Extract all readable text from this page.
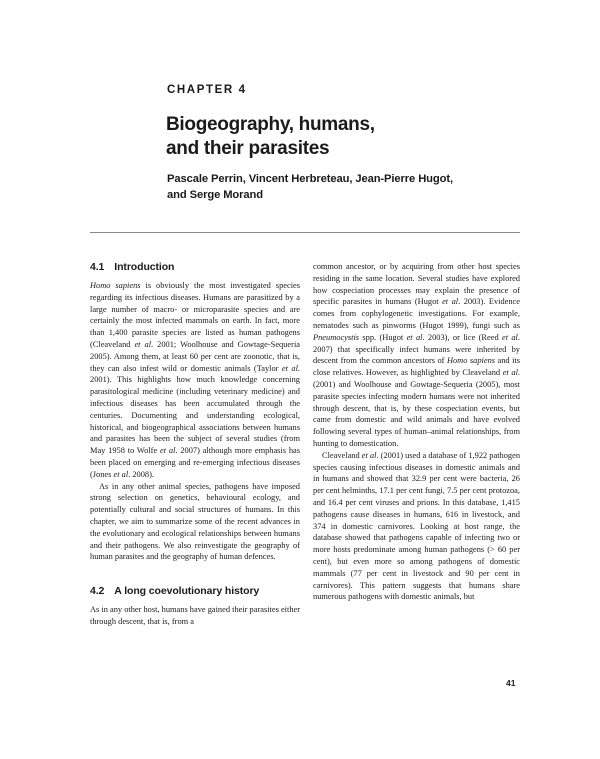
CHAPTER 4
Biogeography, humans,
and their parasites
Pascale Perrin, Vincent Herbreteau, Jean-Pierre Hugot,
and Serge Morand
4.1 Introduction

Homo sapiens is obviously the most investigated species regarding its infectious diseases. Humans are parasitized by a large number of macro- or microparasite species and are certainly the most infected mammals on earth. In fact, more than 1,400 parasite species are listed as human pathogens (Cleaveland et al. 2001; Woolhouse and Gowtage-Sequeria 2005). Among them, at least 60 per cent are zoonotic, that is, they can also infest wild or domestic animals (Taylor et al. 2001). This highlights how much knowledge concerning parasitological medicine (including veterinary medicine) and infectious diseases has been accumulated through the centuries. Documenting and understanding ecological, historical, and biogeographical associations between humans and parasites has been the subject of several studies (from May 1958 to Wolfe et al. 2007) although more emphasis has been placed on emerging and re-emerging infectious diseases (Jones et al. 2008).

As in any other animal species, pathogens have imposed strong selection on genetics, behavioural ecology, and potentially cultural and social structures of humans. In this chapter, we aim to summarize some of the recent advances in the evolutionary and ecological relationships between humans and their pathogens. We also reinvestigate the geography of human parasites and the geography of human defences.

4.2 A long coevolutionary history

As in any other host, humans have gained their parasites either through descent, that is, from a

common ancestor, or by acquiring from other host species residing in the same location. Several studies have explored how cospeciation processes may explain the presence of specific parasites in humans (Hugot et al. 2003). Evidence comes from cophylogenetic investigations. For example, nematodes such as pinworms (Hugot 1999), fungi such as Pneumocystis spp. (Hugot et al. 2003), or lice (Reed et al. 2007) that specifically infect humans were inherited by descent from the common ancestors of Homo sapiens and its close relatives. However, as highlighted by Cleaveland et al. (2001) and Woolhouse and Gowtage-Sequeria (2005), most parasite species infecting modern humans were not inherited through descent, that is, by these cospeciation events, but came from domestic and wild animals and have evolved following several types of human–animal relationships, from hunting to domestication.

Cleaveland et al. (2001) used a database of 1,922 pathogen species causing infectious diseases in domestic animals and in humans and showed that 32.9 per cent were bacteria, 26 per cent helminths, 17.1 per cent fungi, 7.5 per cent protozoa, and 16.4 per cent viruses and prions. In this database, 1,415 pathogens cause diseases in humans, 616 in livestock, and 374 in domestic carnivores. Looking at host range, the database showed that pathogens capable of infecting two or more hosts predominate among human pathogens (> 60 per cent), but even more so among pathogens of domestic mammals (77 per cent in livestock and 90 per cent in carnivores). This pattern suggests that humans share numerous pathogens with domestic animals, but

41
